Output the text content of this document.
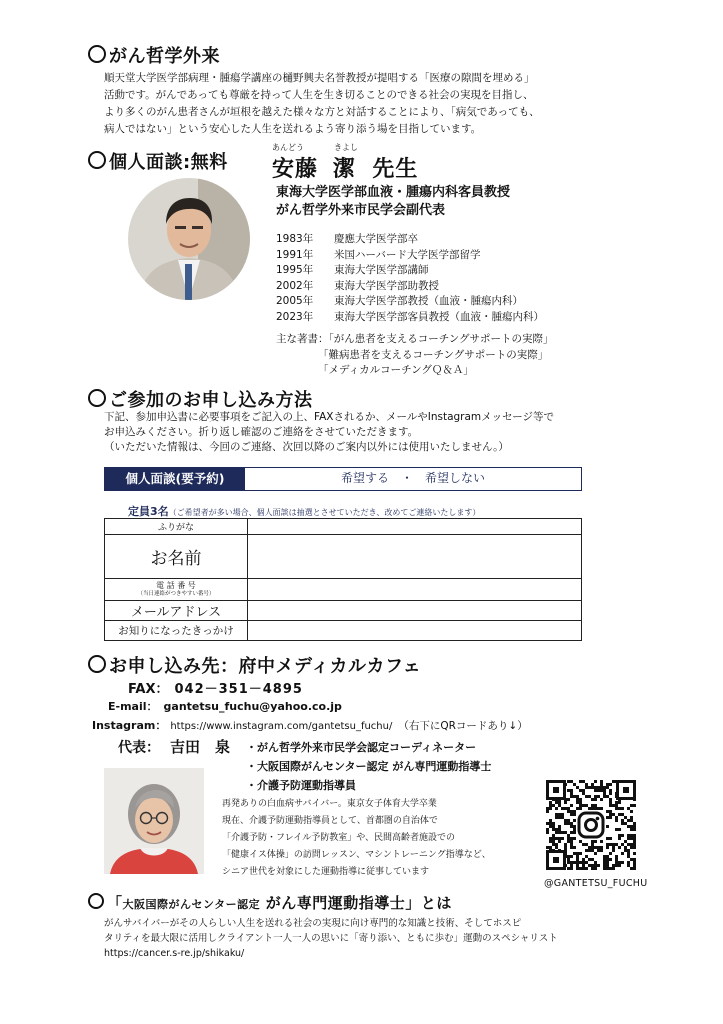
がん哲学外来
順天堂大学医学部病理・腫瘍学講座の樋野興夫名誉教授が提唱する「医療の隙間を埋める」
活動です。がんであっても尊厳を持って人生を生き切ることのできる社会の実現を目指し、
より多くのがん患者さんが垣根を越えた様々な方と対話することにより、「病気であっても、
病人ではない」という安心した人生を送れるよう寄り添う場を目指しています。
個人面談:無料
あんどう	きよし
安藤 潔 先生
東海大学医学部血液・腫瘍内科客員教授
がん哲学外来市民学会副代表
1983年 慶應大学医学部卒
1991年 米国ハーバード大学医学部留学
1995年 東海大学医学部講師
2002年 東海大学医学部助教授
2005年 東海大学医学部教授（血液・腫瘍内科）
2023年 東海大学医学部客員教授（血液・腫瘍内科）
主な著書：「がん患者を支えるコーチングサポートの実際」
「難病患者を支えるコーチングサポートの実際」
「メディカルコーチングＱ＆Ａ」
ご参加のお申し込み方法
下記、参加申込書に必要事項をご記入の上、FAXされるか、メールやInstagramメッセージ等で
お申込みください。折り返し確認のご連絡をさせていただきます。
（いただいた情報は、今回のご連絡、次回以降のご案内以外には使用いたしません。）
個人面談(要予約)	希望する　・　希望しない
定員3名（ご希望者が多い場合、個人面談は抽選とさせていただき、改めてご連絡いたします）
ふりがな	
お名前	

電 話 番 号
（当日連絡がつきやすい番号）	

メールアドレス	
お知りになったきっかけ	
お申し込み先：府中メディカルカフェ
FAX： 042－351－4895
E-mail： gantetsu_fuchu@yahoo.co.jp
Instagram： https://www.instagram.com/gantetsu_fuchu/ （右下にQRコードあり↓）
代表： 吉田　泉 ・がん哲学外来市民学会認定コーディネーター
・大阪国際がんセンター認定 がん専門運動指導士
・介護予防運動指導員
再発ありの白血病サバイバー。東京女子体育大学卒業
現在、介護予防運動指導員として、首都圏の自治体で
「介護予防・フレイル予防教室」や、民間高齢者施設での
「健康イス体操」の訪問レッスン、マシントレーニング指導など、
シニア世代を対象にした運動指導に従事しています
@GANTETSU_FUCHU
「大阪国際がんセンター認定 がん専門運動指導士」とは
がんサバイバーがその人らしい人生を送れる社会の実現に向け専門的な知識と技術、そしてホスピ
タリティを最大限に活用しクライアント一人一人の思いに「寄り添い、ともに歩む」運動のスペシャリスト
https://cancer.s-re.jp/shikaku/
